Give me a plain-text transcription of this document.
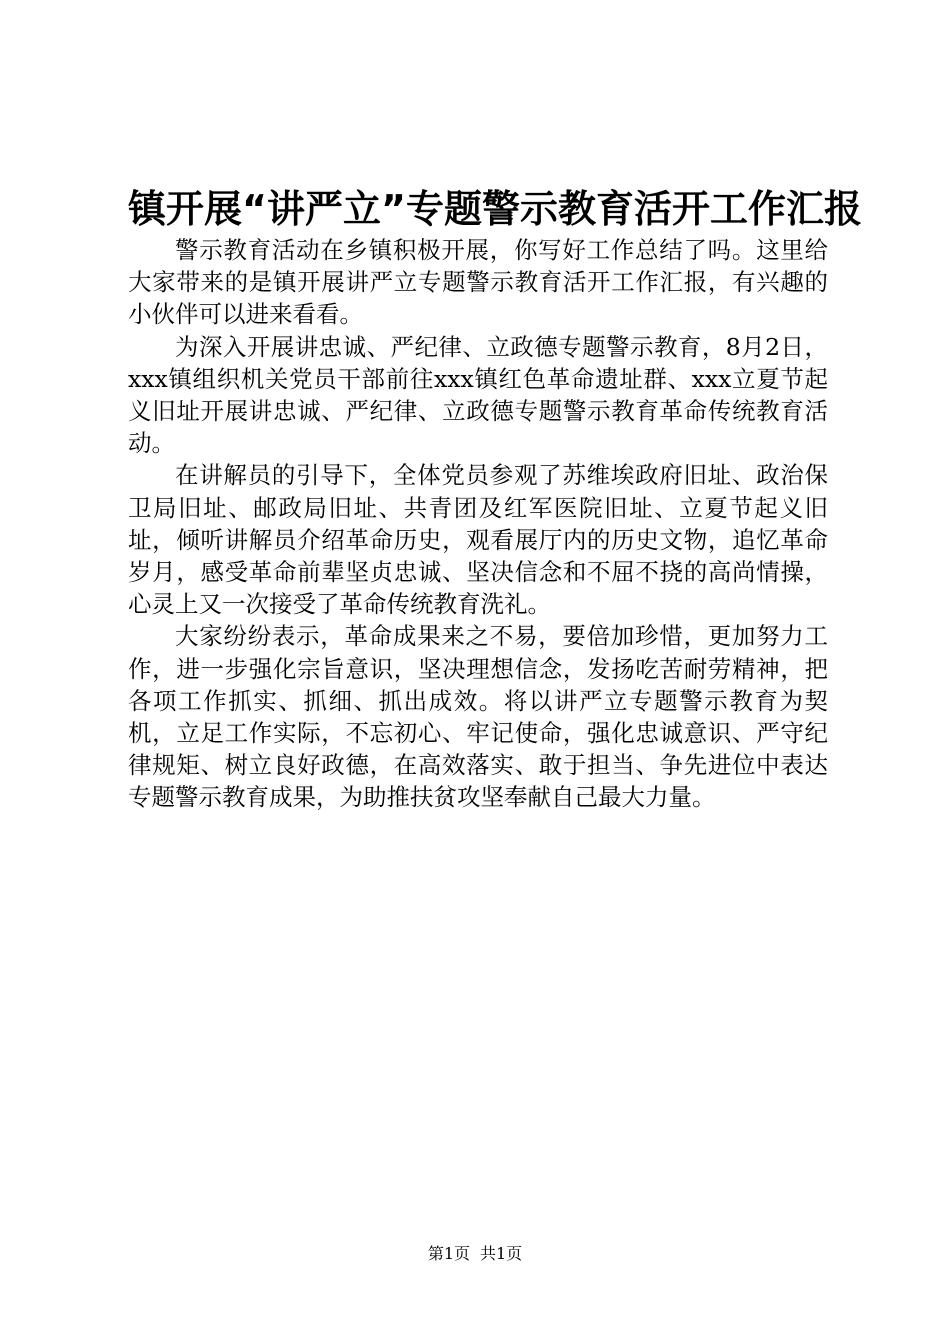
镇开展“讲严立”专题警示教育活开工作汇报

警示教育活动在乡镇积极开展，你写好工作总结了吗。这里给大家带来的是镇开展讲严立专题警示教育活开工作汇报，有兴趣的小伙伴可以进来看看。

为深入开展讲忠诚、严纪律、立政德专题警示教育，8月2日，xxx镇组织机关党员干部前往xxx镇红色革命遗址群、xxx立夏节起义旧址开展讲忠诚、严纪律、立政德专题警示教育革命传统教育活动。

在讲解员的引导下，全体党员参观了苏维埃政府旧址、政治保卫局旧址、邮政局旧址、共青团及红军医院旧址、立夏节起义旧址，倾听讲解员介绍革命历史，观看展厅内的历史文物，追忆革命岁月，感受革命前辈坚贞忠诚、坚决信念和不屈不挠的高尚情操，心灵上又一次接受了革命传统教育洗礼。

大家纷纷表示，革命成果来之不易，要倍加珍惜，更加努力工作，进一步强化宗旨意识，坚决理想信念，发扬吃苦耐劳精神，把各项工作抓实、抓细、抓出成效。将以讲严立专题警示教育为契机，立足工作实际，不忘初心、牢记使命，强化忠诚意识、严守纪律规矩、树立良好政德，在高效落实、敢于担当、争先进位中表达专题警示教育成果，为助推扶贫攻坚奉献自己最大力量。

第1页 共1页
